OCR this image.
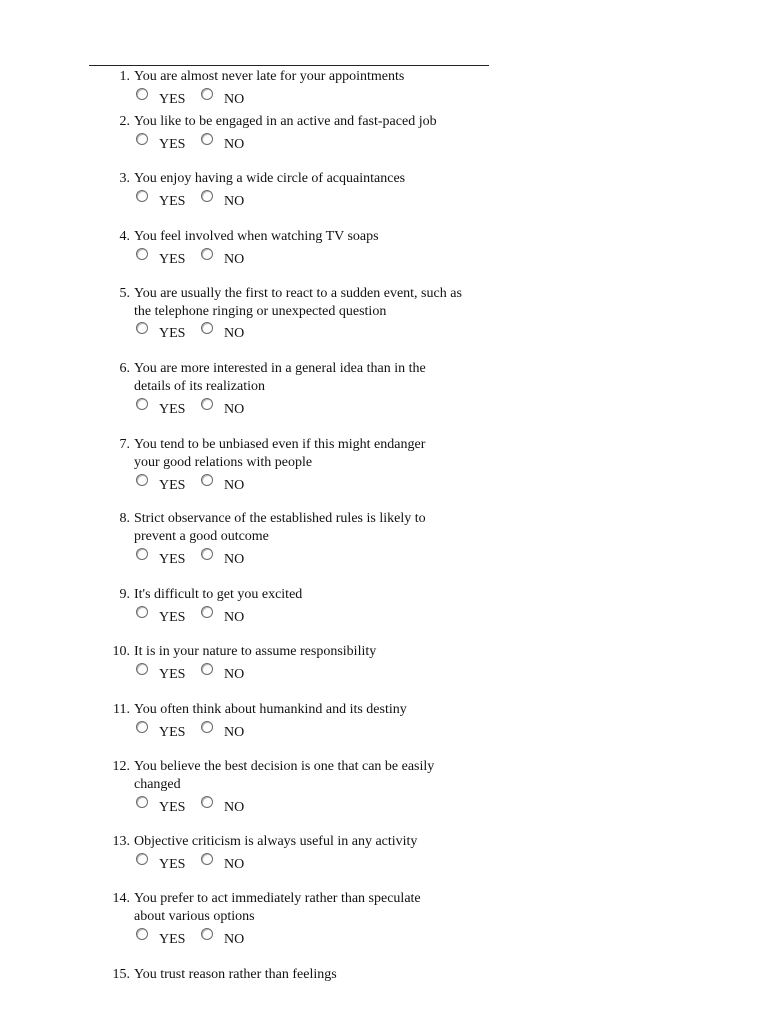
1. You are almost never late for your appointments
YES	NO
2. You like to be engaged in an active and fast-paced job
YES	NO
3. You enjoy having a wide circle of acquaintances
YES	NO
4. You feel involved when watching TV soaps
YES	NO
5. You are usually the first to react to a sudden event, such as
the telephone ringing or unexpected question
YES	NO
6. You are more interested in a general idea than in the
details of its realization
YES	NO
7. You tend to be unbiased even if this might endanger
your good relations with people
YES	NO
8. Strict observance of the established rules is likely to
prevent a good outcome
YES	NO
9. It's difficult to get you excited
YES	NO
10. It is in your nature to assume responsibility
YES	NO
11. You often think about humankind and its destiny
YES	NO
12. You believe the best decision is one that can be easily
changed
YES	NO
13. Objective criticism is always useful in any activity
YES	NO
14. You prefer to act immediately rather than speculate
about various options
YES	NO
15. You trust reason rather than feelings
